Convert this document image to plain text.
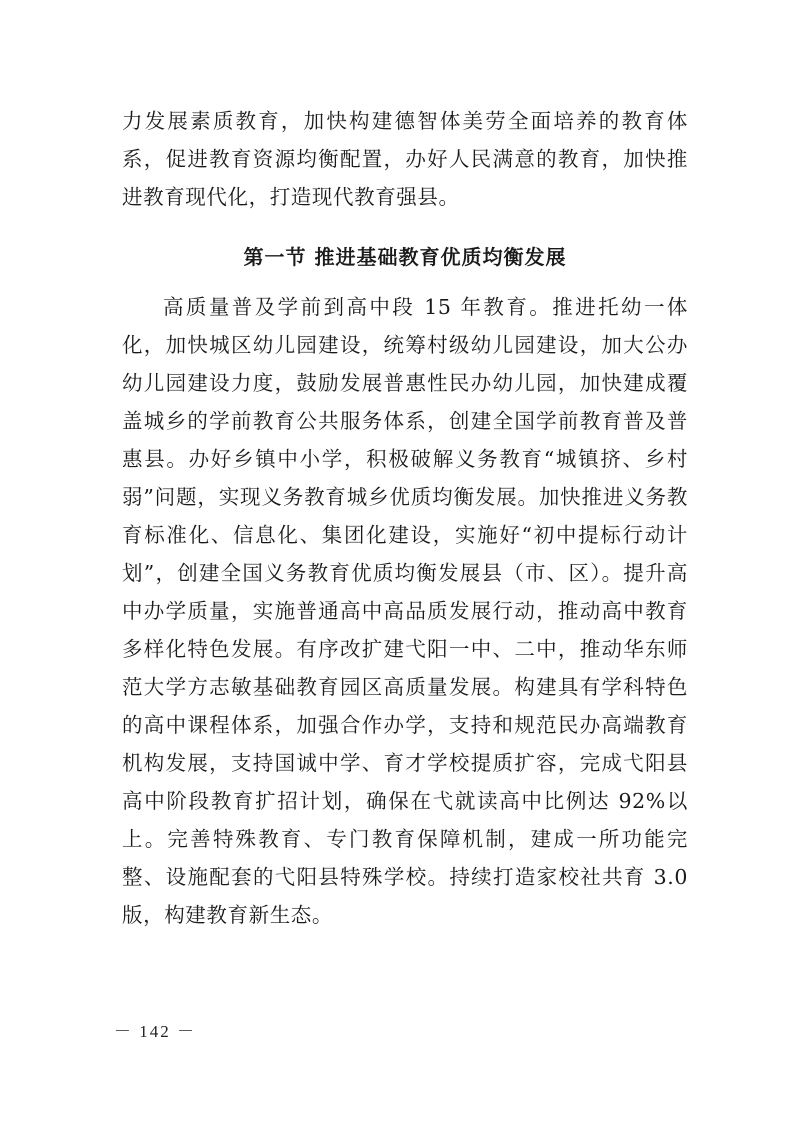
力发展素质教育，加快构建德智体美劳全面培养的教育体系，促进教育资源均衡配置，办好人民满意的教育，加快推进教育现代化，打造现代教育强县。

第一节 推进基础教育优质均衡发展

高质量普及学前到高中段 15 年教育。推进托幼一体化，加快城区幼儿园建设，统筹村级幼儿园建设，加大公办幼儿园建设力度，鼓励发展普惠性民办幼儿园，加快建成覆盖城乡的学前教育公共服务体系，创建全国学前教育普及普惠县。办好乡镇中小学，积极破解义务教育“城镇挤、乡村弱”问题，实现义务教育城乡优质均衡发展。加快推进义务教育标准化、信息化、集团化建设，实施好“初中提标行动计划”，创建全国义务教育优质均衡发展县（市、区）。提升高中办学质量，实施普通高中高品质发展行动，推动高中教育多样化特色发展。有序改扩建弋阳一中、二中，推动华东师范大学方志敏基础教育园区高质量发展。构建具有学科特色的高中课程体系，加强合作办学，支持和规范民办高端教育机构发展，支持国诚中学、育才学校提质扩容，完成弋阳县高中阶段教育扩招计划，确保在弋就读高中比例达 92%以上。完善特殊教育、专门教育保障机制，建成一所功能完整、设施配套的弋阳县特殊学校。持续打造家校社共育 3.0 版，构建教育新生态。

－ 142 －
